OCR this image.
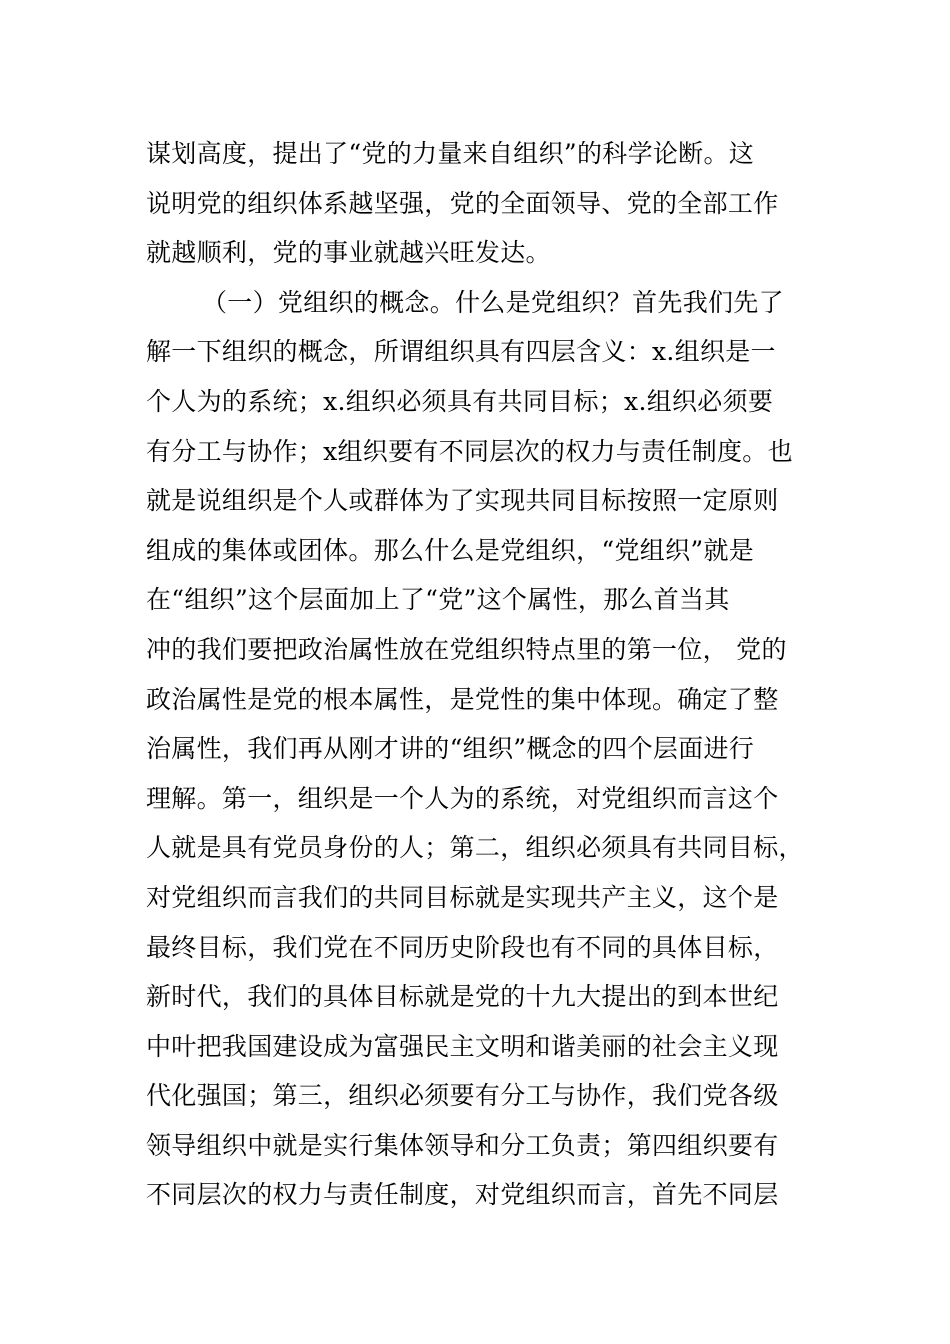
谋划高度，提出了“党的力量来自组织”的科学论断。这
说明党的组织体系越坚强，党的全面领导、党的全部工作
就越顺利，党的事业就越兴旺发达。
（一）党组织的概念。什么是党组织？首先我们先了
解一下组织的概念，所谓组织具有四层含义：x.组织是一
个人为的系统；x.组织必须具有共同目标；x.组织必须要
有分工与协作；x组织要有不同层次的权力与责任制度。也
就是说组织是个人或群体为了实现共同目标按照一定原则
组成的集体或团体。那么什么是党组织，“党组织”就是
在“组织”这个层面加上了“党”这个属性，那么首当其
冲的我们要把政治属性放在党组织特点里的第一位， 党的
政治属性是党的根本属性，是党性的集中体现。确定了整
治属性，我们再从刚才讲的“组织”概念的四个层面进行
理解。第一，组织是一个人为的系统，对党组织而言这个
人就是具有党员身份的人；第二，组织必须具有共同目标，
对党组织而言我们的共同目标就是实现共产主义，这个是
最终目标，我们党在不同历史阶段也有不同的具体目标，
新时代，我们的具体目标就是党的十九大提出的到本世纪
中叶把我国建设成为富强民主文明和谐美丽的社会主义现
代化强国；第三，组织必须要有分工与协作，我们党各级
领导组织中就是实行集体领导和分工负责；第四组织要有
不同层次的权力与责任制度，对党组织而言，首先不同层
